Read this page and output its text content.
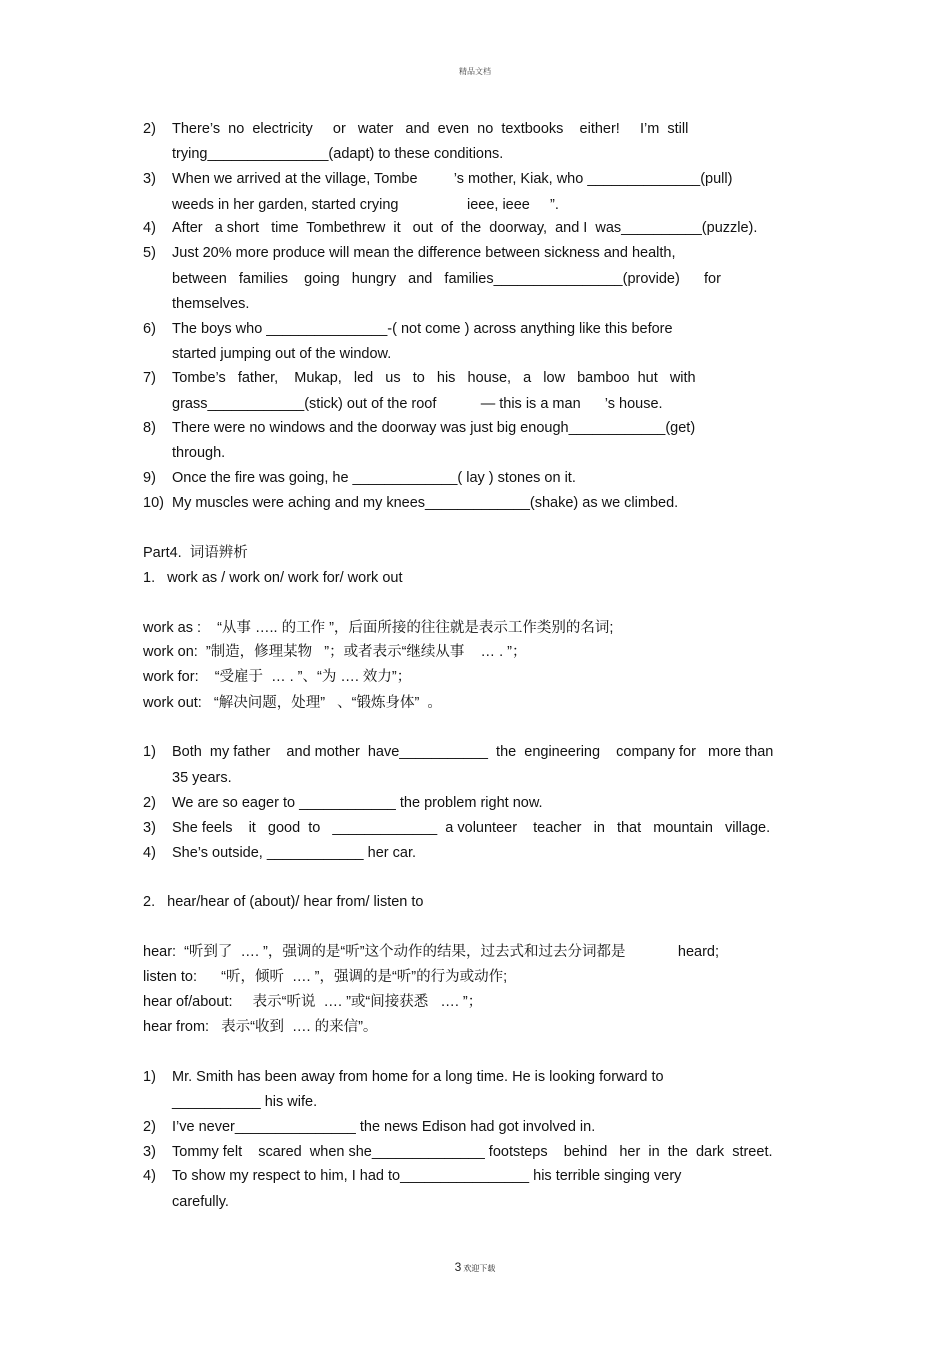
精品文档
2) There’s  no  electricity     or   water   and  even  no  textbooks    either!     I’m  still
trying_______________(adapt) to these conditions.
3) When we arrived at the village, Tombe         ’s mother, Kiak, who ______________(pull)
weeds in her garden, started crying                 ieee, ieee     ”.
4) After   a short   time  Tombethrew  it   out  of  the  doorway,  and I  was__________(puzzle).
5) Just 20% more produce will mean the difference between sickness and health,
between   families    going   hungry   and   families________________(provide)      for
themselves.
6) The boys who _______________-( not come ) across anything like this before
started jumping out of the window.
7) Tombe’s   father,    Mukap,   led   us   to   his   house,   a   low   bamboo  hut   with
grass____________(stick) out of the roof           — this is a man      ’s house.
8) There were no windows and the doorway was just big enough____________(get)
through.
9) Once the fire was going, he _____________( lay ) stones on it.
10) My muscles were aching and my knees_____________(shake) as we climbed.
Part4.  词语辨析
1.   work as / work on/ work for/ work out
work as :    “从事 ….. 的工作 ”，后面所接的往往就是表示工作类别的名词;
work on:  ”制造，修理某物   ”；或者表示“继续从事    … . ”；
work for:    “受雇于  … . ”、“为 …. 效力”；
work out:   “解决问题，处理”   、“锻炼身体”  。
1) Both  my father    and mother  have___________  the  engineering    company for   more than
35 years.
2) We are so eager to ____________ the problem right now.
3) She feels    it   good  to   _____________  a volunteer    teacher   in   that   mountain   village.
4) She’s outside, ____________ her car.
2.   hear/hear of (about)/ hear from/ listen to
hear:  “听到了  …. ”，强调的是“听”这个动作的结果，过去式和过去分词都是             heard;
listen to:      “听，倾听  …. ”，强调的是“听”的行为或动作;
hear of/about:     表示“听说  …. ”或“间接获悉   …. ”；
hear from:   表示“收到  …. 的来信”。
1) Mr. Smith has been away from home for a long time. He is looking forward to
___________ his wife.
2) I’ve never_______________ the news Edison had got involved in.
3) Tommy felt    scared  when she______________ footsteps    behind   her  in  the  dark  street.
4) To show my respect to him, I had to________________ his terrible singing very
carefully.
3 欢迎下载
